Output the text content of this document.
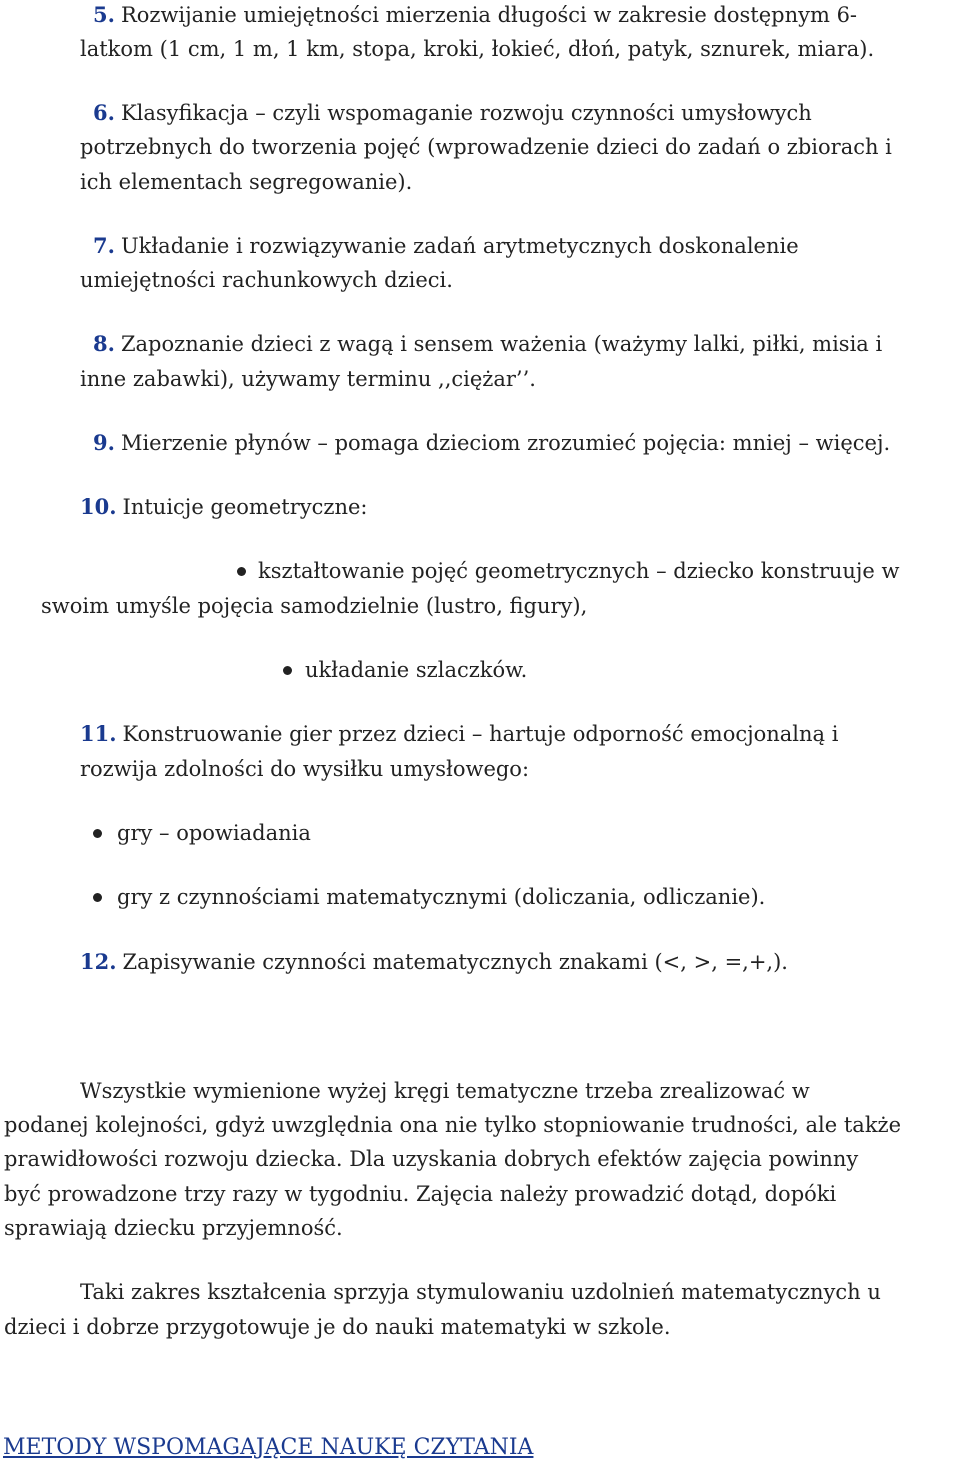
5. Rozwijanie umiejętności mierzenia długości w zakresie dostępnym 6-
latkom (1 cm, 1 m, 1 km, stopa, kroki, łokieć, dłoń, patyk, sznurek, miara).
6. Klasyfikacja – czyli wspomaganie rozwoju czynności umysłowych
potrzebnych do tworzenia pojęć (wprowadzenie dzieci do zadań o zbiorach i
ich elementach segregowanie).
7. Układanie i rozwiązywanie zadań arytmetycznych doskonalenie
umiejętności rachunkowych dzieci.
8. Zapoznanie dzieci z wagą i sensem ważenia (ważymy lalki, piłki, misia i
inne zabawki), używamy terminu ,,ciężar’’.
9. Mierzenie płynów – pomaga dzieciom zrozumieć pojęcia: mniej – więcej.
10. Intuicje geometryczne:
kształtowanie pojęć geometrycznych – dziecko konstruuje w
swoim umyśle pojęcia samodzielnie (lustro, figury),
układanie szlaczków.
11. Konstruowanie gier przez dzieci – hartuje odporność emocjonalną i
rozwija zdolności do wysiłku umysłowego:
gry – opowiadania
gry z czynnościami matematycznymi (doliczania, odliczanie).
12. Zapisywanie czynności matematycznych znakami (<, >, =,+,).
Wszystkie wymienione wyżej kręgi tematyczne trzeba zrealizować w
podanej kolejności, gdyż uwzględnia ona nie tylko stopniowanie trudności, ale także
prawidłowości rozwoju dziecka. Dla uzyskania dobrych efektów zajęcia powinny
być prowadzone trzy razy w tygodniu. Zajęcia należy prowadzić dotąd, dopóki
sprawiają dziecku przyjemność.
Taki zakres kształcenia sprzyja stymulowaniu uzdolnień matematycznych u
dzieci i dobrze przygotowuje je do nauki matematyki w szkole.
METODY WSPOMAGAJĄCE NAUKĘ CZYTANIA
